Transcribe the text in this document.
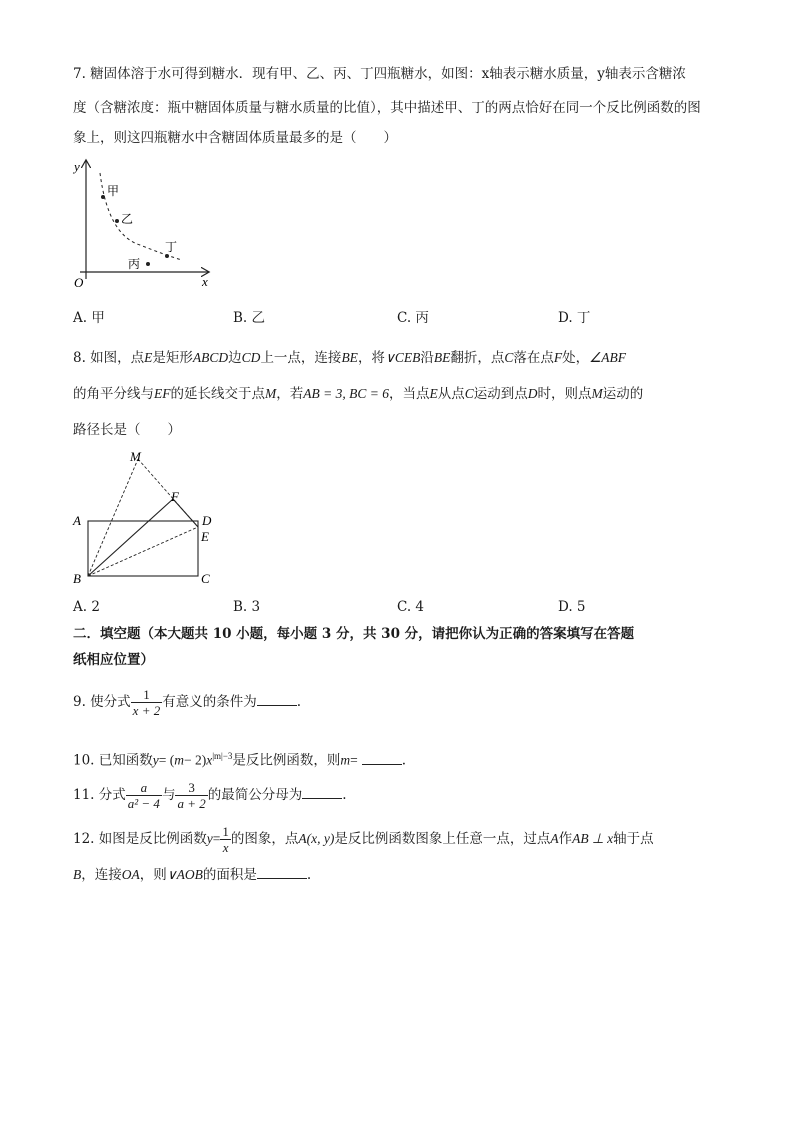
7. 糖固体溶于水可得到糖水．现有甲、乙、丙、丁四瓶糖水，如图：x轴表示糖水质量，y轴表示含糖浓
度（含糖浓度：瓶中糖固体质量与糖水质量的比值），其中描述甲、丁的两点恰好在同一个反比例函数的图
象上，则这四瓶糖水中含糖固体质量最多的是（　　）
y
x
O
甲
乙
丙
丁
A. 甲	B. 乙	C. 丙	D. 丁
8. 如图，点E是矩形ABCD边CD上一点，连接BE，将∨CEB沿BE翻折，点C落在点F处，∠ABF
的角平分线与EF的延长线交于点M，若AB = 3, BC = 6，当点E从点C运动到点D时，则点M运动的
路径长是（　　）
M
F
A	D
E
B	C
A. 2	B. 3	C. 4	D. 5
二．填空题（本大题共 10 小题，每小题 3 分，共 30 分，请把你认为正确的答案填写在答题
纸相应位置）
9. 使分式 $\frac{1}{x + 2}$ 有意义的条件为	.
10. 已知函数$y= (m- 2)x^{|m|-3}$是反比例函数，则m=	.
11. 分式 $\frac{a}{\text{a² − 4}}$ 与 $\frac{3}{a + 2}$ 的最简公分母为	.
12. 如图是反比例函数$y= \frac{1}{x}$ 的图象，点A(x, y)是反比例函数图象上任意一点，过点A作AB ⊥ x轴于点
B，连接OA，则∨AOB的面积是	.
